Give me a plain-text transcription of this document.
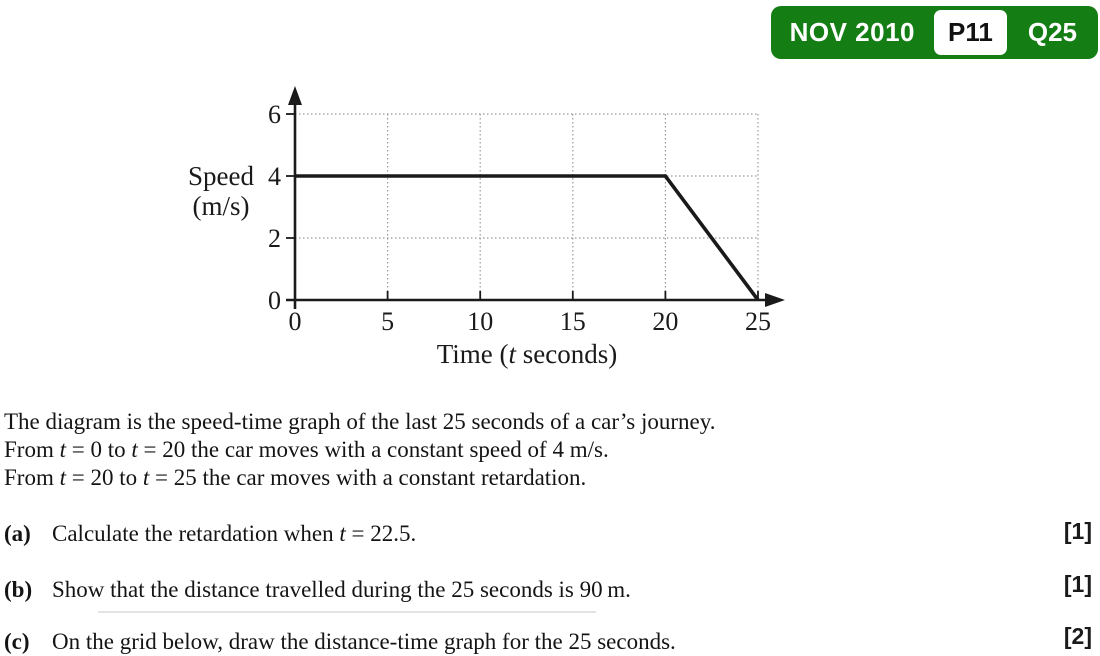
NOV 2010	P11	Q25
0
2
4
6
0	5	10	15	20	25
Speed
(m/s)
Time (t seconds)
The diagram is the speed-time graph of the last 25 seconds of a car’s journey.
From t = 0 to t = 20 the car moves with a constant speed of 4 m/s.
From t = 20 to t = 25 the car moves with a constant retardation.
(a) Calculate the retardation when t = 22.5.	[1]
(b) Show that the distance travelled during the 25 seconds is 90 m.	[1]
(c) On the grid below, draw the distance-time graph for the 25 seconds.	[2]
